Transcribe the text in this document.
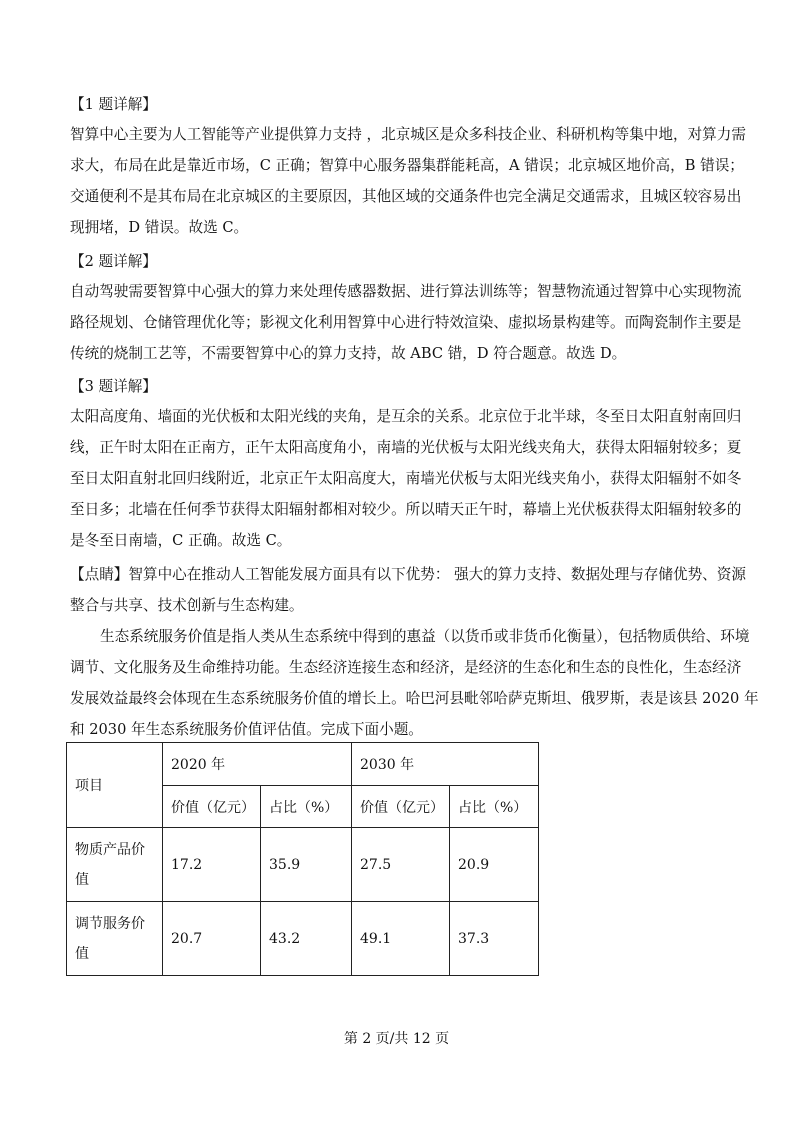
【1 题详解】
智算中心主要为人工智能等产业提供算力支持 ，北京城区是众多科技企业、科研机构等集中地，对算力需
求大，布局在此是靠近市场，C 正确；智算中心服务器集群能耗高，A 错误；北京城区地价高，B 错误；
交通便利不是其布局在北京城区的主要原因，其他区域的交通条件也完全满足交通需求，且城区较容易出
现拥堵，D 错误。故选 C。
【2 题详解】
自动驾驶需要智算中心强大的算力来处理传感器数据、进行算法训练等；智慧物流通过智算中心实现物流
路径规划、仓储管理优化等；影视文化利用智算中心进行特效渲染、虚拟场景构建等。而陶瓷制作主要是
传统的烧制工艺等，不需要智算中心的算力支持，故 ABC 错，D 符合题意。故选 D。
【3 题详解】
太阳高度角、墙面的光伏板和太阳光线的夹角，是互余的关系。北京位于北半球，冬至日太阳直射南回归
线，正午时太阳在正南方，正午太阳高度角小，南墙的光伏板与太阳光线夹角大，获得太阳辐射较多；夏
至日太阳直射北回归线附近，北京正午太阳高度大，南墙光伏板与太阳光线夹角小，获得太阳辐射不如冬
至日多；北墙在任何季节获得太阳辐射都相对较少。所以晴天正午时，幕墙上光伏板获得太阳辐射较多的
是冬至日南墙，C 正确。故选 C。
【点睛】智算中心在推动人工智能发展方面具有以下优势： 强大的算力支持、数据处理与存储优势、资源
整合与共享、技术创新与生态构建。
生态系统服务价值是指人类从生态系统中得到的惠益（以货币或非货币化衡量），包括物质供给、环境
调节、文化服务及生命维持功能。生态经济连接生态和经济，是经济的生态化和生态的良性化，生态经济
发展效益最终会体现在生态系统服务价值的增长上。哈巴河县毗邻哈萨克斯坦、俄罗斯，表是该县 2020 年
和 2030 年生态系统服务价值评估值。完成下面小题。
项目	2020 年		2030 年	
	价值（亿元）	占比（%）	价值（亿元）	占比（%）

物质产品价
值	17.2	35.9	27.5	20.9

调节服务价
值	20.7	43.2	49.1	37.3
第 2 页/共 12 页
